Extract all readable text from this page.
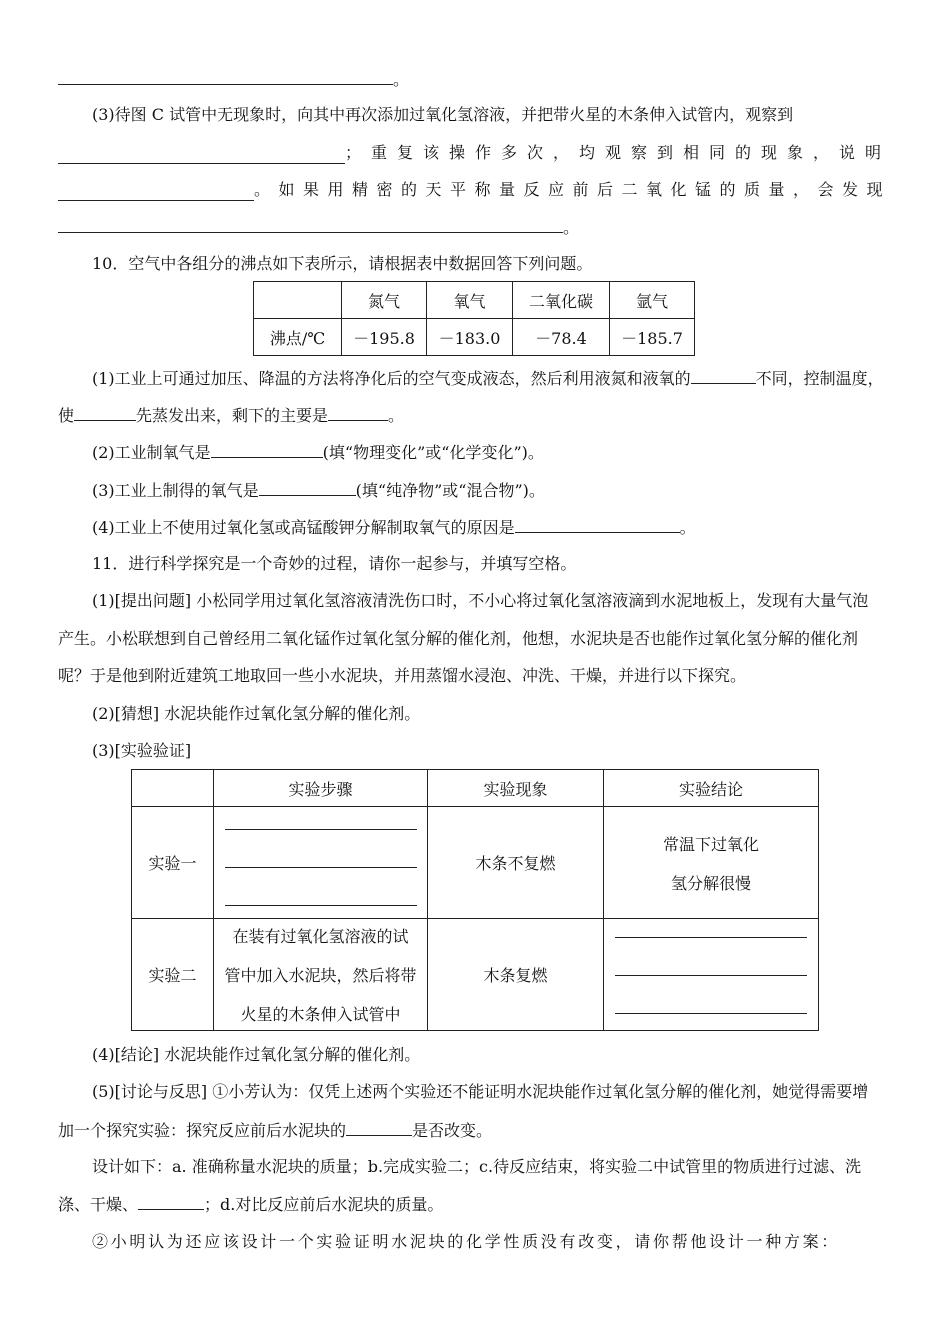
。
(3)待图 C 试管中无现象时，向其中再次添加过氧化氢溶液，并把带火星的木条伸入试管内，观察到
；重复该操作多次，均观察到相同的现象，说明
。如果用精密的天平称量反应前后二氧化锰的质量，会发现
。
10．空气中各组分的沸点如下表所示，请根据表中数据回答下列问题。
	氮气	氧气	二氧化碳	氩气
沸点/℃	－195.8	－183.0	－78.4	－185.7
(1)工业上可通过加压、降温的方法将净化后的空气变成液态，然后利用液氮和液氧的	不同，控制温度，
使	先蒸发出来，剩下的主要是	。
(2)工业制氧气是	(填“物理变化”或“化学变化”)。
(3)工业上制得的氧气是	(填“纯净物”或“混合物”)。
(4)工业上不使用过氧化氢或高锰酸钾分解制取氧气的原因是	。
11．进行科学探究是一个奇妙的过程，请你一起参与，并填写空格。
(1)[提出问题] 小松同学用过氧化氢溶液清洗伤口时，不小心将过氧化氢溶液滴到水泥地板上，发现有大量气泡
产生。小松联想到自己曾经用二氧化锰作过氧化氢分解的催化剂，他想，水泥块是否也能作过氧化氢分解的催化剂
呢？于是他到附近建筑工地取回一些小水泥块，并用蒸馏水浸泡、冲洗、干燥，并进行以下探究。
(2)[猜想] 水泥块能作过氧化氢分解的催化剂。
(3)[实验验证]
	实验步骤	实验现象	实验结论
实验一		木条不复燃	常温下过氧化
氢分解很慢

实验二	在装有过氧化氢溶液的试
管中加入水泥块，然后将带
火星的木条伸入试管中	木条复燃	
(4)[结论] 水泥块能作过氧化氢分解的催化剂。
(5)[讨论与反思] ①小芳认为：仅凭上述两个实验还不能证明水泥块能作过氧化氢分解的催化剂，她觉得需要增
加一个探究实验：探究反应前后水泥块的	是否改变。
设计如下：a. 准确称量水泥块的质量；b.完成实验二；c.待反应结束，将实验二中试管里的物质进行过滤、洗
涤、干燥、	；d.对比反应前后水泥块的质量。
②小明认为还应该设计一个实验证明水泥块的化学性质没有改变，请你帮他设计一种方案：
